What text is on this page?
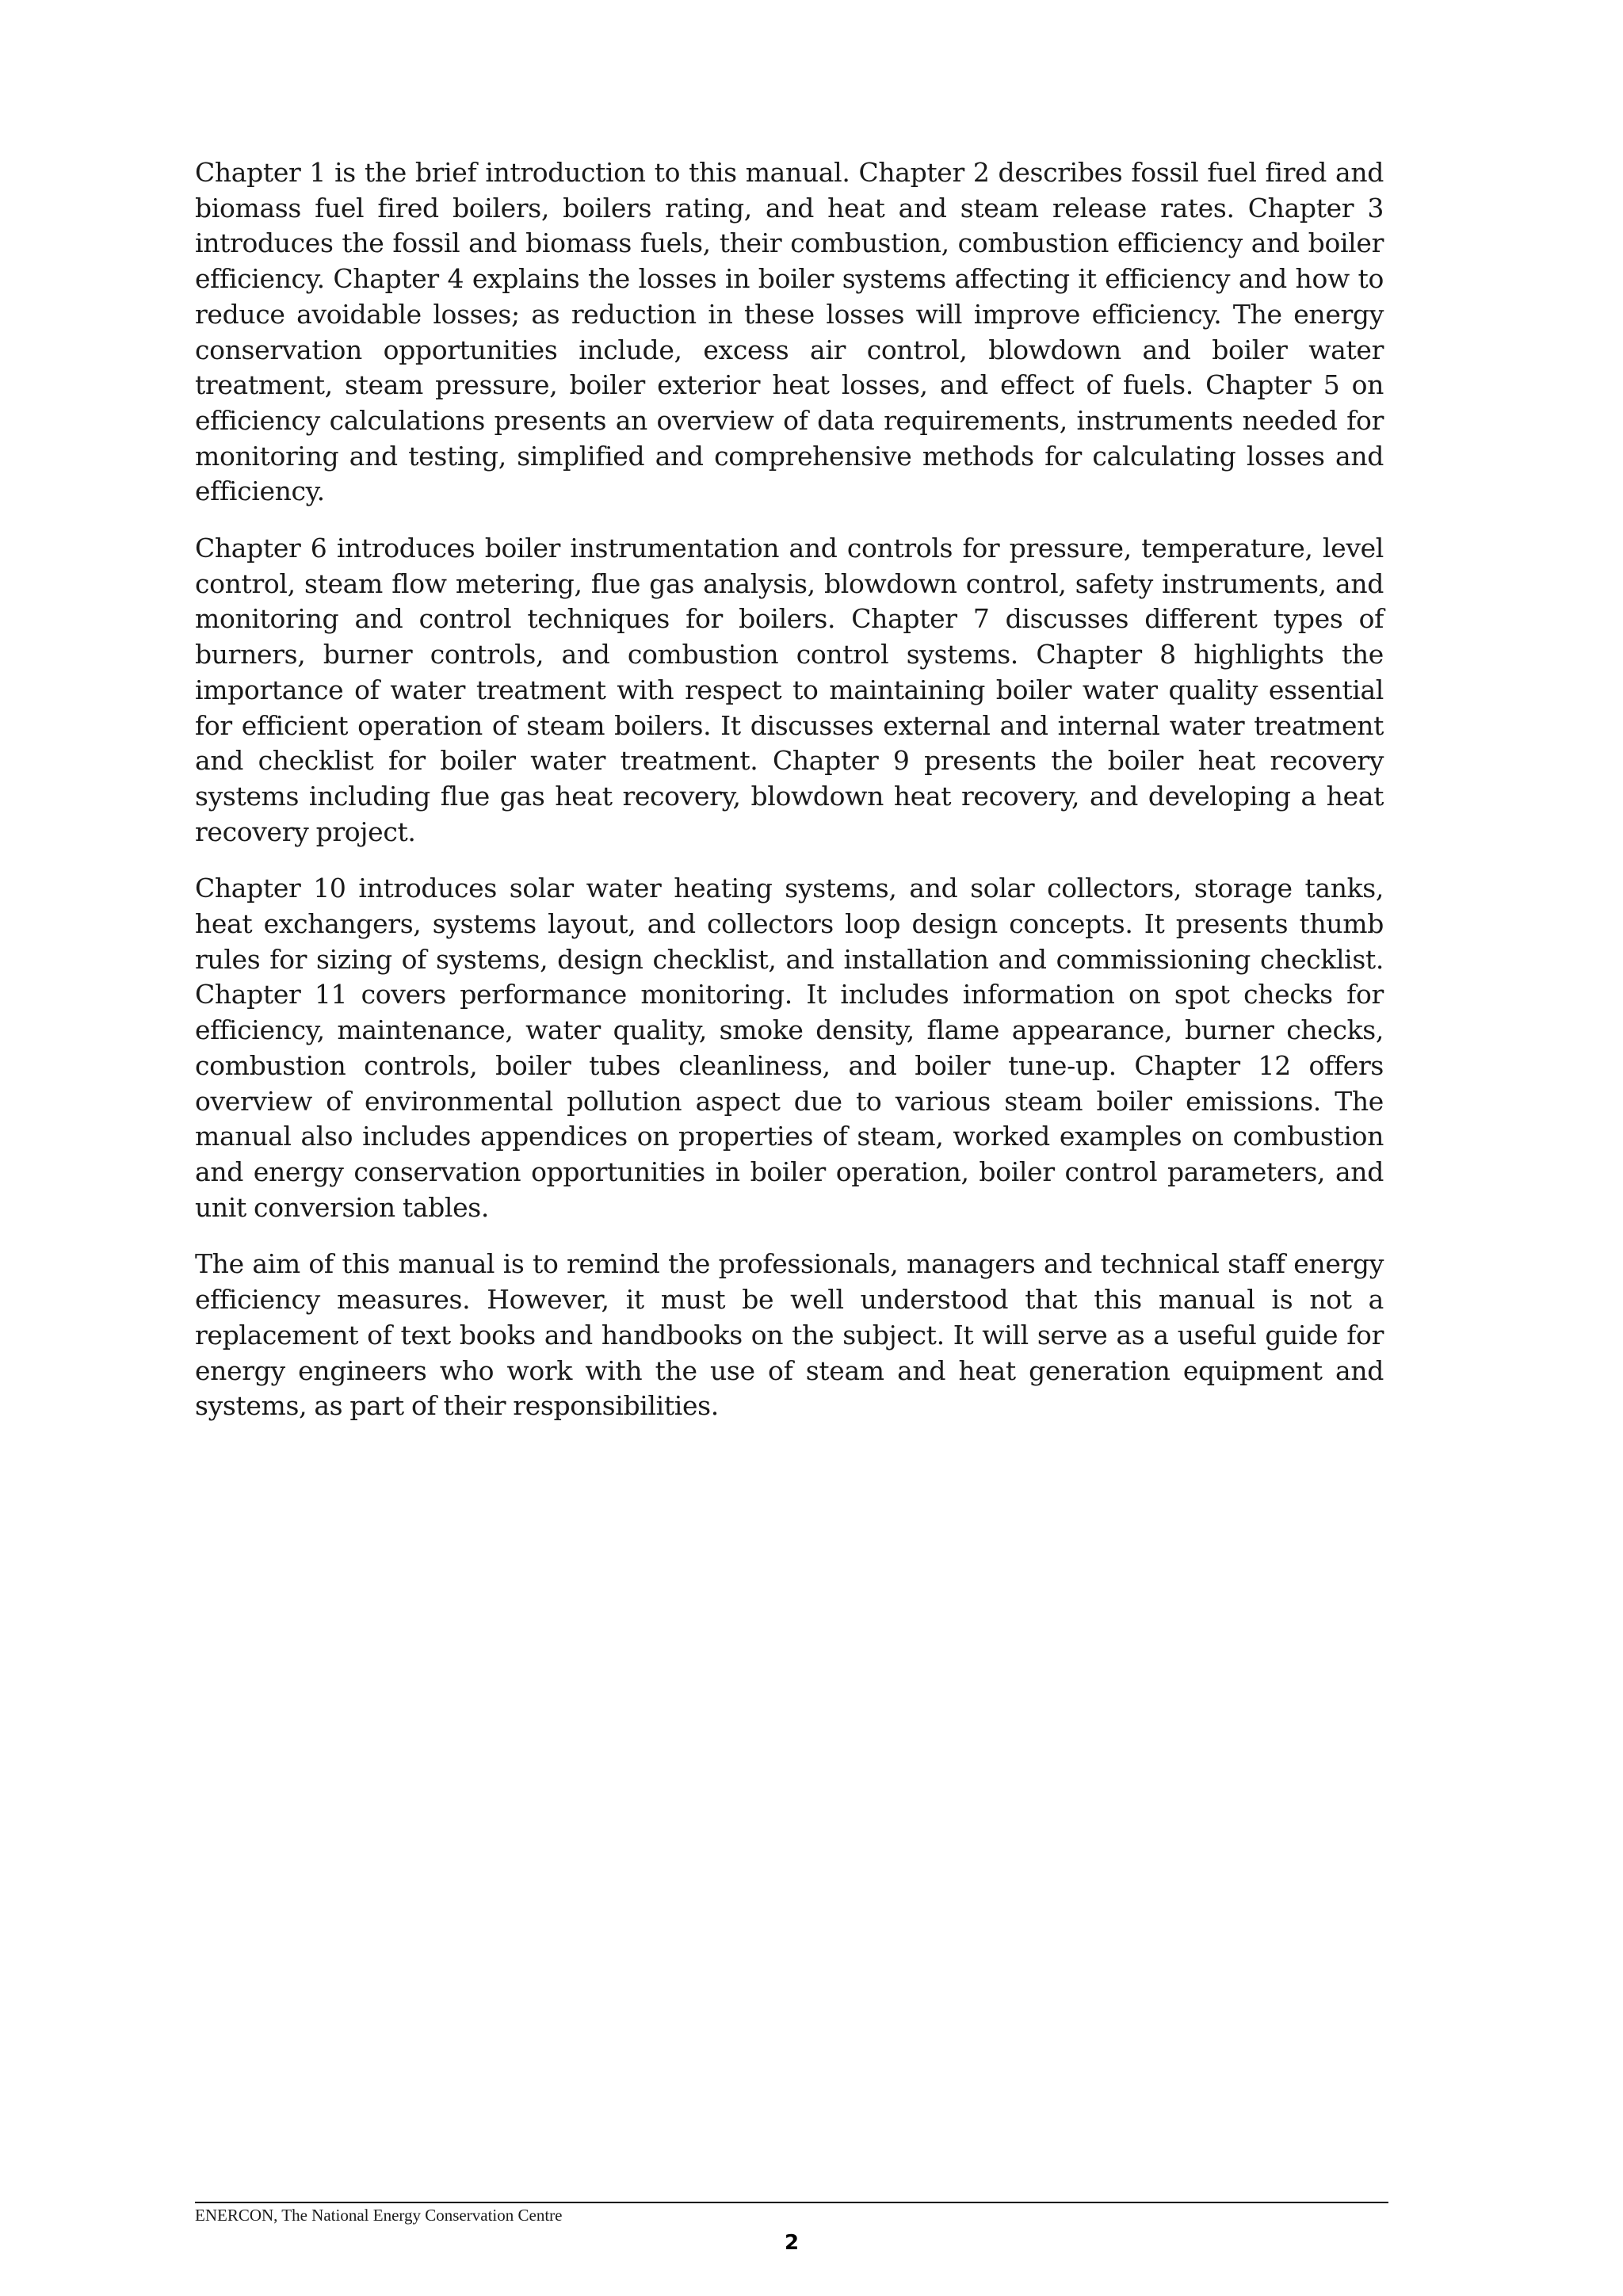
Chapter 1 is the brief introduction to this manual. Chapter 2 describes fossil fuel fired and biomass fuel fired boilers, boilers rating, and heat and steam release rates. Chapter 3 introduces the fossil and biomass fuels, their combustion, combustion efficiency and boiler efficiency. Chapter 4 explains the losses in boiler systems affecting it efficiency and how to reduce avoidable losses; as reduction in these losses will improve efficiency. The energy conservation opportunities include, excess air control, blowdown and boiler water treatment, steam pressure, boiler exterior heat losses, and effect of fuels. Chapter 5 on efficiency calculations presents an overview of data requirements, instruments needed for monitoring and testing, simplified and comprehensive methods for calculating losses and efficiency.

Chapter 6 introduces boiler instrumentation and controls for pressure, temperature, level control, steam flow metering, flue gas analysis, blowdown control, safety instruments, and monitoring and control techniques for boilers. Chapter 7 discusses different types of burners, burner controls, and combustion control systems. Chapter 8 highlights the importance of water treatment with respect to maintaining boiler water quality essential for efficient operation of steam boilers. It discusses external and internal water treatment and checklist for boiler water treatment. Chapter 9 presents the boiler heat recovery systems including flue gas heat recovery, blowdown heat recovery, and developing a heat recovery project.

Chapter 10 introduces solar water heating systems, and solar collectors, storage tanks, heat exchangers, systems layout, and collectors loop design concepts. It presents thumb rules for sizing of systems, design checklist, and installation and commissioning checklist. Chapter 11 covers performance monitoring. It includes information on spot checks for efficiency, maintenance, water quality, smoke density, flame appearance, burner checks, combustion controls, boiler tubes cleanliness, and boiler tune-up. Chapter 12 offers overview of environmental pollution aspect due to various steam boiler emissions. The manual also includes appendices on properties of steam, worked examples on combustion and energy conservation opportunities in boiler operation, boiler control parameters, and unit conversion tables.

The aim of this manual is to remind the professionals, managers and technical staff energy efficiency measures. However, it must be well understood that this manual is not a replacement of text books and handbooks on the subject. It will serve as a useful guide for energy engineers who work with the use of steam and heat generation equipment and systems, as part of their responsibilities.

ENERCON, The National Energy Conservation Centre
2
